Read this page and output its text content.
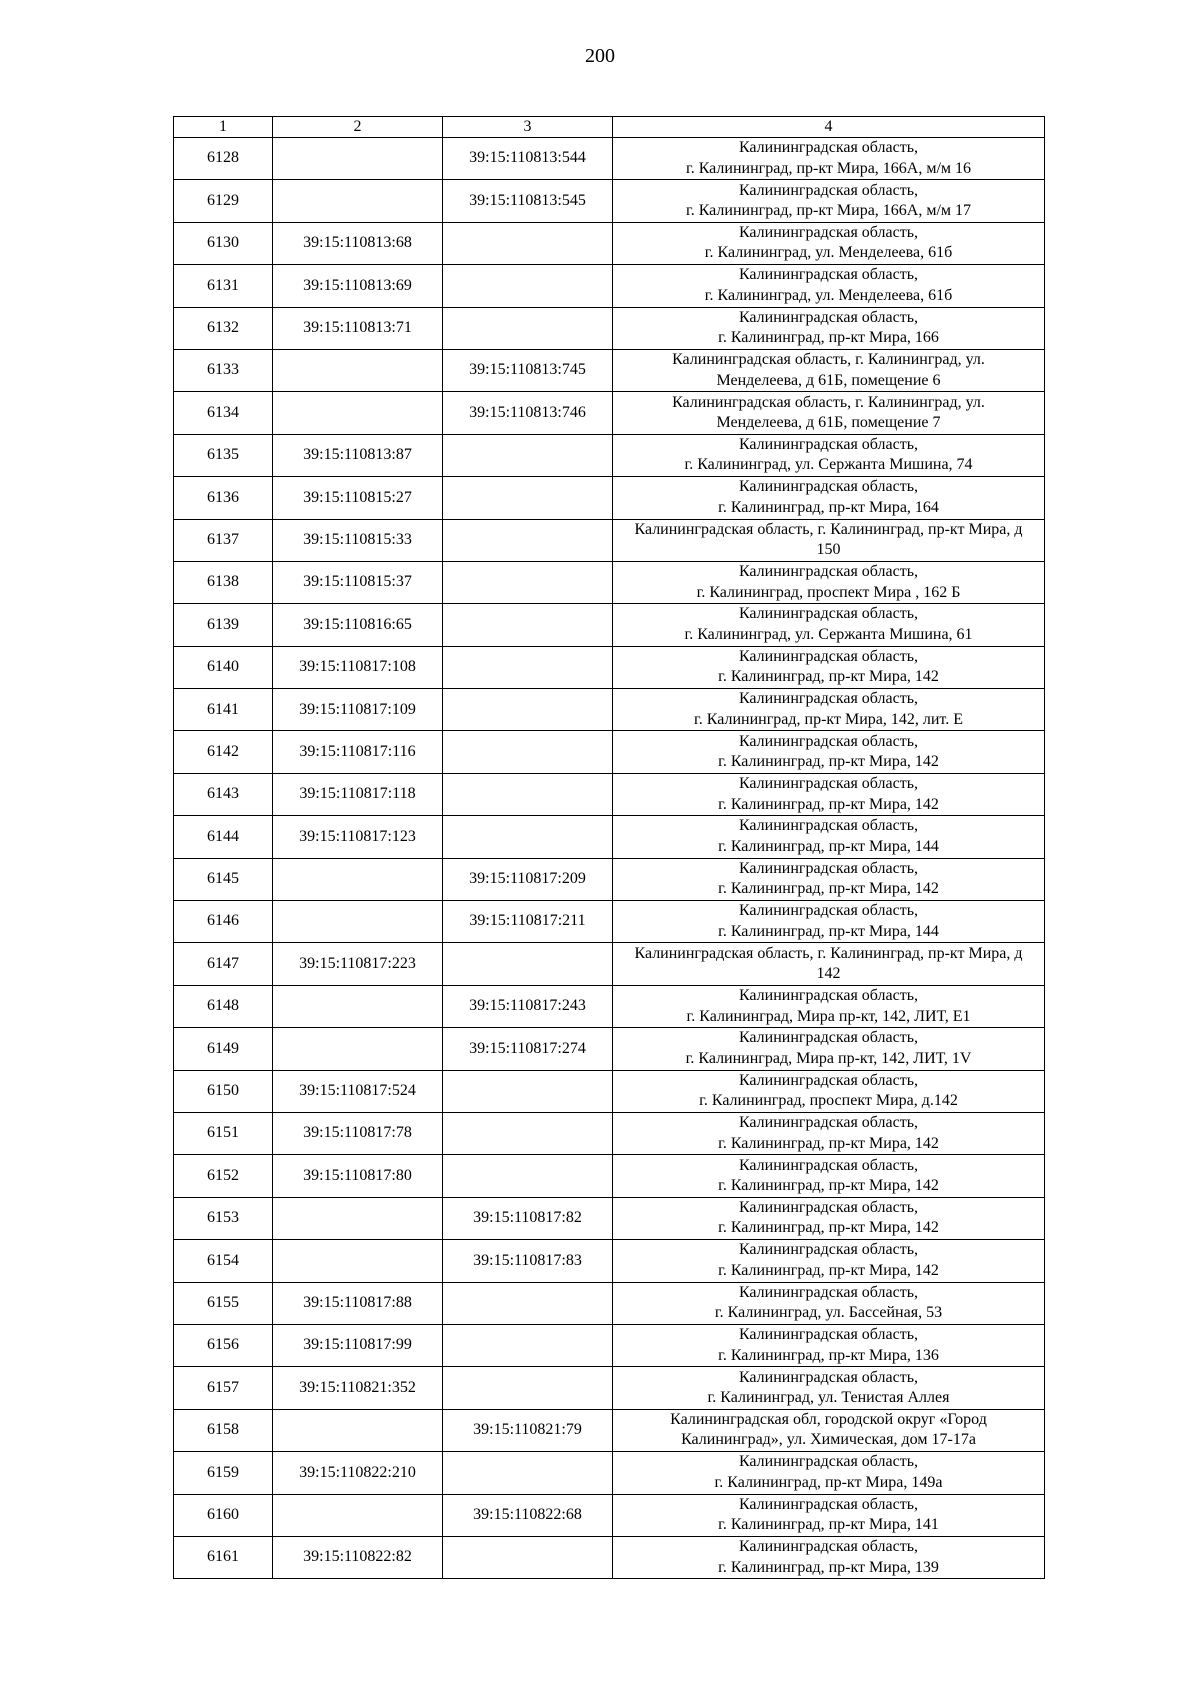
200
1	2	3	4
6128		39:15:110813:544	Калининградская область,
г. Калининград, пр-кт Мира, 166А, м/м 16

6129		39:15:110813:545	Калининградская область,
г. Калининград, пр-кт Мира, 166А, м/м 17

6130	39:15:110813:68		Калининградская область,
г. Калининград, ул. Менделеева, 61б

6131	39:15:110813:69		Калининградская область,
г. Калининград, ул. Менделеева, 61б

6132	39:15:110813:71		Калининградская область,
г. Калининград, пр-кт Мира, 166

6133		39:15:110813:745	Калининградская область, г. Калининград, ул.
Менделеева, д 61Б, помещение 6

6134		39:15:110813:746	Калининградская область, г. Калининград, ул.
Менделеева, д 61Б, помещение 7

6135	39:15:110813:87		Калининградская область,
г. Калининград, ул. Сержанта Мишина, 74

6136	39:15:110815:27		Калининградская область,
г. Калининград, пр-кт Мира, 164

6137	39:15:110815:33		Калининградская область, г. Калининград, пр-кт Мира, д
150

6138	39:15:110815:37		Калининградская область,
г. Калининград, проспект Мира , 162 Б

6139	39:15:110816:65		Калининградская область,
г. Калининград, ул. Сержанта Мишина, 61

6140	39:15:110817:108		Калининградская область,
г. Калининград, пр-кт Мира, 142

6141	39:15:110817:109		Калининградская область,
г. Калининград, пр-кт Мира, 142, лит. Е

6142	39:15:110817:116		Калининградская область,
г. Калининград, пр-кт Мира, 142

6143	39:15:110817:118		Калининградская область,
г. Калининград, пр-кт Мира, 142

6144	39:15:110817:123		Калининградская область,
г. Калининград, пр-кт Мира, 144

6145		39:15:110817:209	Калининградская область,
г. Калининград, пр-кт Мира, 142

6146		39:15:110817:211	Калининградская область,
г. Калининград, пр-кт Мира, 144

6147	39:15:110817:223		Калининградская область, г. Калининград, пр-кт Мира, д
142

6148		39:15:110817:243	Калининградская область,
г. Калининград, Мира пр-кт, 142, ЛИТ, Е1

6149		39:15:110817:274	Калининградская область,
г. Калининград, Мира пр-кт, 142, ЛИТ, 1V

6150	39:15:110817:524		Калининградская область,
г. Калининград, проспект Мира, д.142

6151	39:15:110817:78		Калининградская область,
г. Калининград, пр-кт Мира, 142

6152	39:15:110817:80		Калининградская область,
г. Калининград, пр-кт Мира, 142

6153		39:15:110817:82	Калининградская область,
г. Калининград, пр-кт Мира, 142

6154		39:15:110817:83	Калининградская область,
г. Калининград, пр-кт Мира, 142

6155	39:15:110817:88		Калининградская область,
г. Калининград, ул. Бассейная, 53

6156	39:15:110817:99		Калининградская область,
г. Калининград, пр-кт Мира, 136

6157	39:15:110821:352		Калининградская область,
г. Калининград, ул. Тенистая Аллея

6158		39:15:110821:79	Калининградская обл, городской округ «Город
Калининград», ул. Химическая, дом 17-17а

6159	39:15:110822:210		Калининградская область,
г. Калининград, пр-кт Мира, 149а

6160		39:15:110822:68	Калининградская область,
г. Калининград, пр-кт Мира, 141

6161	39:15:110822:82		Калининградская область,
г. Калининград, пр-кт Мира, 139
